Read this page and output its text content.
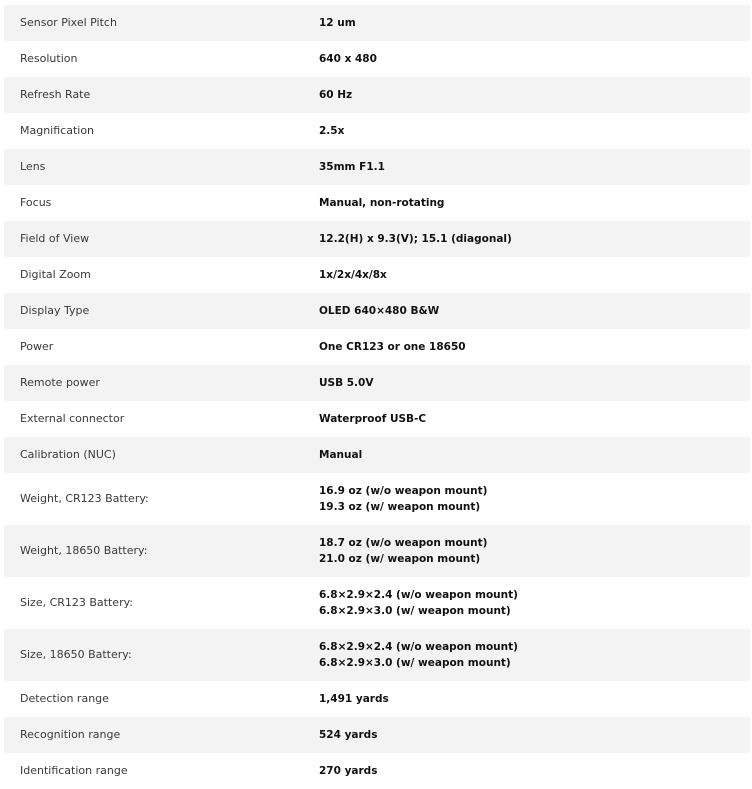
Sensor Pixel Pitch	12 um

Resolution	640 x 480

Refresh Rate	60 Hz

Magnification	2.5x

Lens	35mm F1.1

Focus	Manual, non-rotating

Field of View	12.2(H) x 9.3(V); 15.1 (diagonal)

Digital Zoom	1x/2x/4x/8x

Display Type	OLED 640×480 B&W

Power	One CR123 or one 18650

Remote power	USB 5.0V

External connector	Waterproof USB-C

Calibration (NUC)	Manual

Weight, CR123 Battery:	16.9 oz (w/o weapon mount)
19.3 oz (w/ weapon mount)

Weight, 18650 Battery:	18.7 oz (w/o weapon mount)
21.0 oz (w/ weapon mount)

Size, CR123 Battery:	6.8×2.9×2.4 (w/o weapon mount)
6.8×2.9×3.0 (w/ weapon mount)

Size, 18650 Battery:	6.8×2.9×2.4 (w/o weapon mount)
6.8×2.9×3.0 (w/ weapon mount)

Detection range	1,491 yards

Recognition range	524 yards

Identification range	270 yards
